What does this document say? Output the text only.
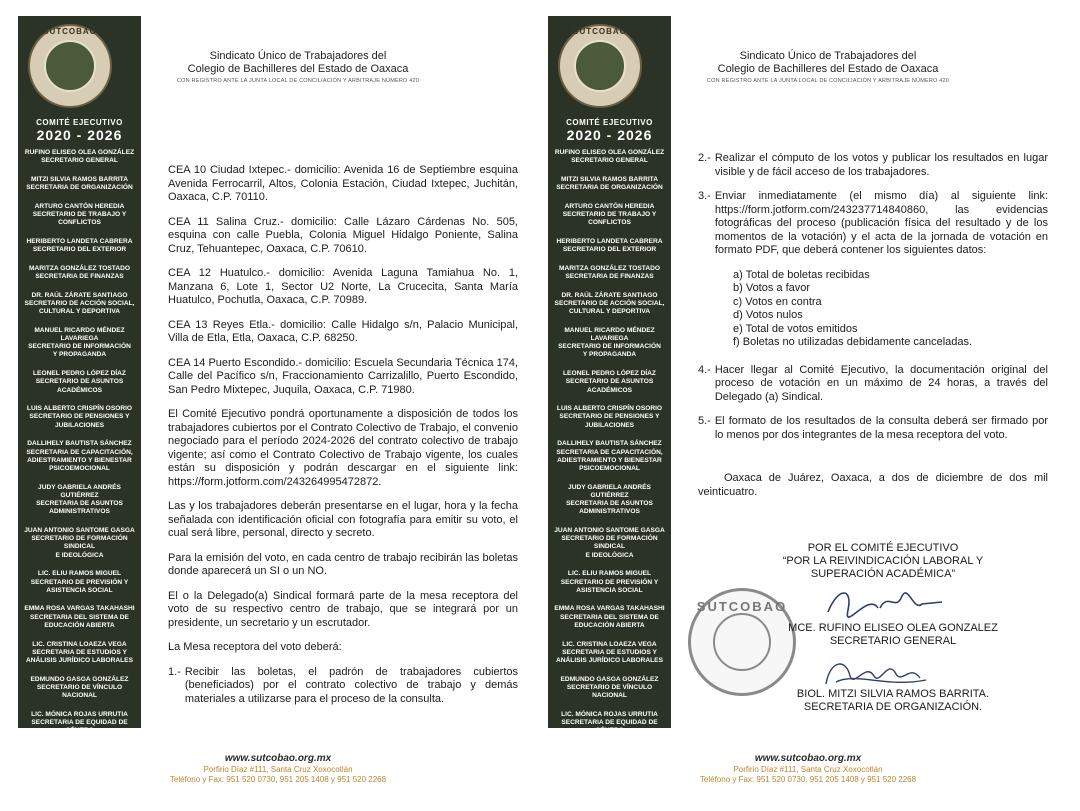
SUTCOBAO
COMITÉ EJECUTIVO
2020 - 2026
RUFINO ELISEO OLEA GONZÁLEZ
SECRETARIO GENERAL
MITZI SILVIA RAMOS BARRITA
SECRETARIA DE ORGANIZACIÓN
ARTURO CANTÓN HEREDIA
SECRETARIO DE TRABAJO Y CONFLICTOS
HERIBERTO LANDETA CABRERA
SECRETARIO DEL EXTERIOR
MARITZA GONZÁLEZ TOSTADO
SECRETARIA DE FINANZAS
DR. RAÚL ZÁRATE SANTIAGO
SECRETARIO DE ACCIÓN SOCIAL,
CULTURAL Y DEPORTIVA
MANUEL RICARDO MÉNDEZ LAVARIEGA
SECRETARIO DE INFORMACIÓN
Y PROPAGANDA
LEONEL PEDRO LÓPEZ DÍAZ
SECRETARIO DE ASUNTOS ACADÉMICOS
LUIS ALBERTO CRISPÍN OSORIO
SECRETARIO DE PENSIONES Y
JUBILACIONES
DALLIHELY BAUTISTA SÁNCHEZ
SECRETARIA DE CAPACITACIÓN,
ADIESTRAMIENTO Y BIENESTAR
PSICOEMOCIONAL
JUDY GABRIELA ANDRÉS GUTIÉRREZ
SECRETARIA DE ASUNTOS ADMINISTRATIVOS
JUAN ANTONIO SANTOME GASGA
SECRETARIO DE FORMACIÓN SINDICAL
E IDEOLÓGICA
LIC. ELIU RAMOS MIGUEL
SECRETARIO DE PREVISIÓN Y
ASISTENCIA SOCIAL
EMMA ROSA VARGAS TAKAHASHI
SECRETARIA DEL SISTEMA DE
EDUCACIÓN ABIERTA
LIC. CRISTINA LOAEZA VEGA
SECRETARIA DE ESTUDIOS Y
ANÁLISIS JURÍDICO LABORALES
EDMUNDO GASGA GONZÁLEZ
SECRETARIO DE VÍNCULO NACIONAL
LIC. MÓNICA ROJAS URRUTIA
SECRETARIA DE EQUIDAD DE
GÉNERO
Sindicato Único de Trabajadores del
Colegio de Bachilleres del Estado de Oaxaca
CON REGISTRO ANTE LA JUNTA LOCAL DE CONCILIACIÓN Y ARBITRAJE NÚMERO 420
CEA 10 Ciudad Ixtepec.- domicilio: Avenida 16 de Septiembre esquina Avenida Ferrocarril, Altos, Colonia Estación, Ciudad Ixtepec, Juchitán, Oaxaca, C.P. 70110.
CEA 11 Salina Cruz.- domicilio: Calle Lázaro Cárdenas No. 505, esquina con calle Puebla, Colonia Miguel Hidalgo Poniente, Salina Cruz, Tehuantepec, Oaxaca, C.P. 70610.
CEA 12 Huatulco.- domicilio: Avenida Laguna Tamiahua No. 1, Manzana 6, Lote 1, Sector U2 Norte, La Crucecita, Santa María Huatulco, Pochutla, Oaxaca, C.P. 70989.
CEA 13 Reyes Etla.- domicilio: Calle Hidalgo s/n, Palacio Municipal, Villa de Etla, Etla, Oaxaca, C.P. 68250.
CEA 14 Puerto Escondido.- domicilio: Escuela Secundaria Técnica 174, Calle del Pacífico s/n, Fraccionamiento Carrizalillo, Puerto Escondido, San Pedro Mixtepec, Juquila, Oaxaca, C.P. 71980.
El Comité Ejecutivo pondrá oportunamente a disposición de todos los trabajadores cubiertos por el Contrato Colectivo de Trabajo, el convenio negociado para el período 2024-2026 del contrato colectivo de trabajo vigente; así como el Contrato Colectivo de Trabajo vigente, los cuales están su disposición y podrán descargar en el siguiente link: https://form.jotform.com/243264995472872.
Las y los trabajadores deberán presentarse en el lugar, hora y la fecha señalada con identificación oficial con fotografía para emitir su voto, el cual será libre, personal, directo y secreto.
Para la emisión del voto, en cada centro de trabajo recibirán las boletas donde aparecerá un SI o un NO.
El o la Delegado(a) Sindical formará parte de la mesa receptora del voto de su respectivo centro de trabajo, que se integrará por un presidente, un secretario y un escrutador.
La Mesa receptora del voto deberá:
1.- Recibir las boletas, el padrón de trabajadores cubiertos (beneficiados) por el contrato colectivo de trabajo y demás materiales a utilizarse para el proceso de la consulta.
www.sutcobao.org.mx
Porfirio Díaz #111, Santa Cruz Xoxocotlán
Teléfono y Fax: 951 520 0730, 951 205 1408 y 951 520 2268
SUTCOBAO
COMITÉ EJECUTIVO
2020 - 2026
RUFINO ELISEO OLEA GONZÁLEZ
SECRETARIO GENERAL
MITZI SILVIA RAMOS BARRITA
SECRETARIA DE ORGANIZACIÓN
ARTURO CANTÓN HEREDIA
SECRETARIO DE TRABAJO Y CONFLICTOS
HERIBERTO LANDETA CABRERA
SECRETARIO DEL EXTERIOR
MARITZA GONZÁLEZ TOSTADO
SECRETARIA DE FINANZAS
DR. RAÚL ZÁRATE SANTIAGO
SECRETARIO DE ACCIÓN SOCIAL,
CULTURAL Y DEPORTIVA
MANUEL RICARDO MÉNDEZ LAVARIEGA
SECRETARIO DE INFORMACIÓN
Y PROPAGANDA
LEONEL PEDRO LÓPEZ DÍAZ
SECRETARIO DE ASUNTOS ACADÉMICOS
LUIS ALBERTO CRISPÍN OSORIO
SECRETARIO DE PENSIONES Y
JUBILACIONES
DALLIHELY BAUTISTA SÁNCHEZ
SECRETARIA DE CAPACITACIÓN,
ADIESTRAMIENTO Y BIENESTAR
PSICOEMOCIONAL
JUDY GABRIELA ANDRÉS GUTIÉRREZ
SECRETARIA DE ASUNTOS ADMINISTRATIVOS
JUAN ANTONIO SANTOME GASGA
SECRETARIO DE FORMACIÓN SINDICAL
E IDEOLÓGICA
LIC. ELIU RAMOS MIGUEL
SECRETARIO DE PREVISIÓN Y
ASISTENCIA SOCIAL
EMMA ROSA VARGAS TAKAHASHI
SECRETARIA DEL SISTEMA DE
EDUCACIÓN ABIERTA
LIC. CRISTINA LOAEZA VEGA
SECRETARIA DE ESTUDIOS Y
ANÁLISIS JURÍDICO LABORALES
EDMUNDO GASGA GONZÁLEZ
SECRETARIO DE VÍNCULO NACIONAL
LIC. MÓNICA ROJAS URRUTIA
SECRETARIA DE EQUIDAD DE
GÉNERO
Sindicato Único de Trabajadores del
Colegio de Bachilleres del Estado de Oaxaca
CON REGISTRO ANTE LA JUNTA LOCAL DE CONCILIACIÓN Y ARBITRAJE NÚMERO 420
2.- Realizar el cómputo de los votos y publicar los resultados en lugar visible y de fácil acceso de los trabajadores.
3.- Enviar inmediatamente (el mismo día) al siguiente link: https://form.jotform.com/243237714840860, las evidencias fotográficas del proceso (publicación física del resultado y de los momentos de la votación) y el acta de la jornada de votación en formato PDF, que deberá contener los siguientes datos:
a) Total de boletas recibidas
b) Votos a favor
c) Votos en contra
d) Votos nulos
e) Total de votos emitidos
f) Boletas no utilizadas debidamente canceladas.
4.- Hacer llegar al Comité Ejecutivo, la documentación original del proceso de votación en un máximo de 24 horas, a través del Delegado (a) Sindical.
5.- El formato de los resultados de la consulta deberá ser firmado por lo menos por dos integrantes de la mesa receptora del voto.
Oaxaca de Juárez, Oaxaca, a dos de diciembre de dos mil veinticuatro.
POR EL COMITÉ EJECUTIVO
“POR LA REIVINDICACIÓN LABORAL Y
SUPERACIÓN ACADÉMICA”
SUTCOBAO
MCE. RUFINO ELISEO OLEA GONZALEZ
SECRETARIO GENERAL
BIOL. MITZI SILVIA RAMOS BARRITA.
SECRETARIA DE ORGANIZACIÓN.
www.sutcobao.org.mx
Porfirio Díaz #111, Santa Cruz Xoxocotlán
Teléfono y Fax: 951 520 0730, 951 205 1408 y 951 520 2268
